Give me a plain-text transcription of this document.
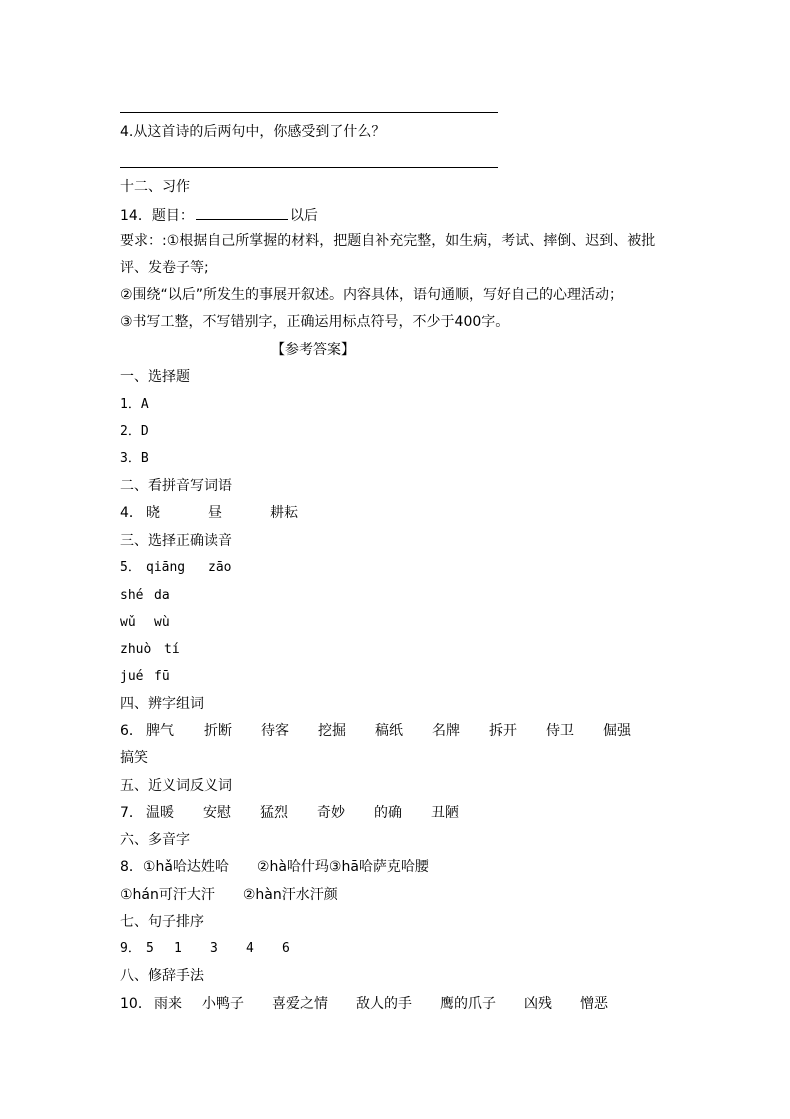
4.从这首诗的后两句中，你感受到了什么？
十二、习作
14．题目：	以后
要求：:①根据自己所掌握的材料，把题自补充完整，如生病，考试、摔倒、迟到、被批
评、发卷子等;
②围绕“以后”所发生的事展开叙述。内容具体，语句通顺，写好自己的心理活动；
③书写工整，不写错别字，正确运用标点符号，不少于400字。
【参考答案】
一、选择题
1．A
2．D
3．B
二、看拼音写词语
4． 晓	昼	耕耘
三、选择正确读音
5． qiāng zāo
shé da
wǔ wù
zhuò tí
jué fū
四、辨字组词
6． 脾气 折断 待客 挖掘 稿纸 名牌 拆开 侍卫 倔强
搞笑
五、近义词反义词
7． 温暖 安慰 猛烈 奇妙 的确 丑陋
六、多音字
8．①hǎ哈达姓哈　　②hà哈什玛③hā哈萨克哈腰
①hán可汗大汗　　②hàn汗水汗颜
七、句子排序
9． 5 1 3 4 6
八、修辞手法
10． 雨来 小鸭子 喜爱之情 敌人的手 鹰的爪子 凶残 憎恶
